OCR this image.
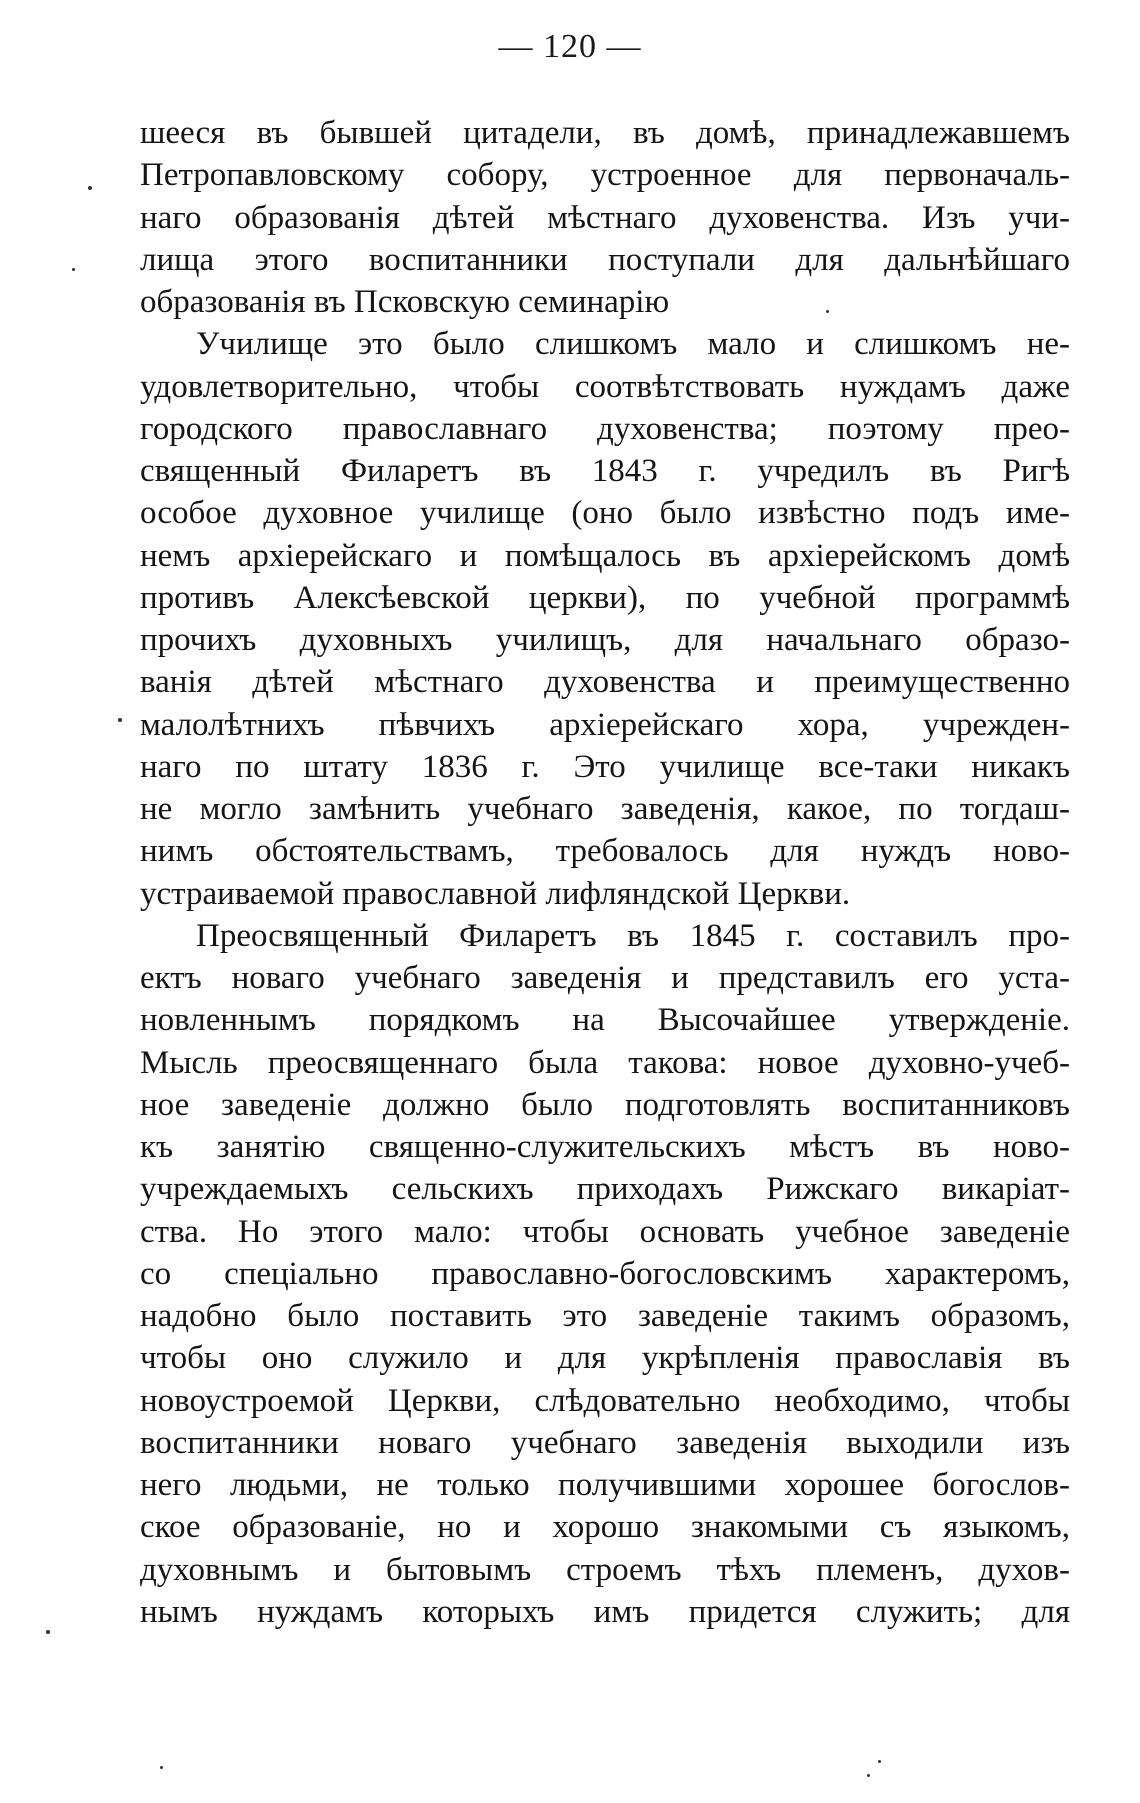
— 120 —
шееся въ бывшей цитадели, въ домѣ, принадлежавшемъ
Петропавловскому собору, устроенное для первоначаль-
наго образованія дѣтей мѣстнаго духовенства. Изъ учи-
лища этого воспитанники поступали для дальнѣйшаго
образованія въ Псковскую семинарію
Училище это было слишкомъ мало и слишкомъ не-
удовлетворительно, чтобы соотвѣтствовать нуждамъ даже
городского православнаго духовенства; поэтому прео-
священный Филаретъ въ 1843 г. учредилъ въ Ригѣ
особое духовное училище (оно было извѣстно подъ име-
немъ архіерейскаго и помѣщалось въ архіерейскомъ домѣ
противъ Алексѣевской церкви), по учебной программѣ
прочихъ духовныхъ училищъ, для начальнаго образо-
ванія дѣтей мѣстнаго духовенства и преимущественно
малолѣтнихъ пѣвчихъ архіерейскаго хора, учрежден-
наго по штату 1836 г. Это училище все-таки никакъ
не могло замѣнить учебнаго заведенія, какое, по тогдаш-
нимъ обстоятельствамъ, требовалось для нуждъ ново-
устраиваемой православной лифляндской Церкви.
Преосвященный Филаретъ въ 1845 г. составилъ про-
ектъ новаго учебнаго заведенія и представилъ его уста-
новленнымъ порядкомъ на Высочайшее утвержденіе.
Мысль преосвященнаго была такова: новое духовно-учеб-
ное заведеніе должно было подготовлять воспитанниковъ
къ занятію священно-служительскихъ мѣстъ въ ново-
учреждаемыхъ сельскихъ приходахъ Рижскаго викаріат-
ства. Но этого мало: чтобы основать учебное заведеніе
со спеціально православно-богословскимъ характеромъ,
надобно было поставить это заведеніе такимъ образомъ,
чтобы оно служило и для укрѣпленія православія въ
новоустроемой Церкви, слѣдовательно необходимо, чтобы
воспитанники новаго учебнаго заведенія выходили изъ
него людьми, не только получившими хорошее богослов-
ское образованіе, но и хорошо знакомыми съ языкомъ,
духовнымъ и бытовымъ строемъ тѣхъ племенъ, духов-
нымъ нуждамъ которыхъ имъ придется служить; для
